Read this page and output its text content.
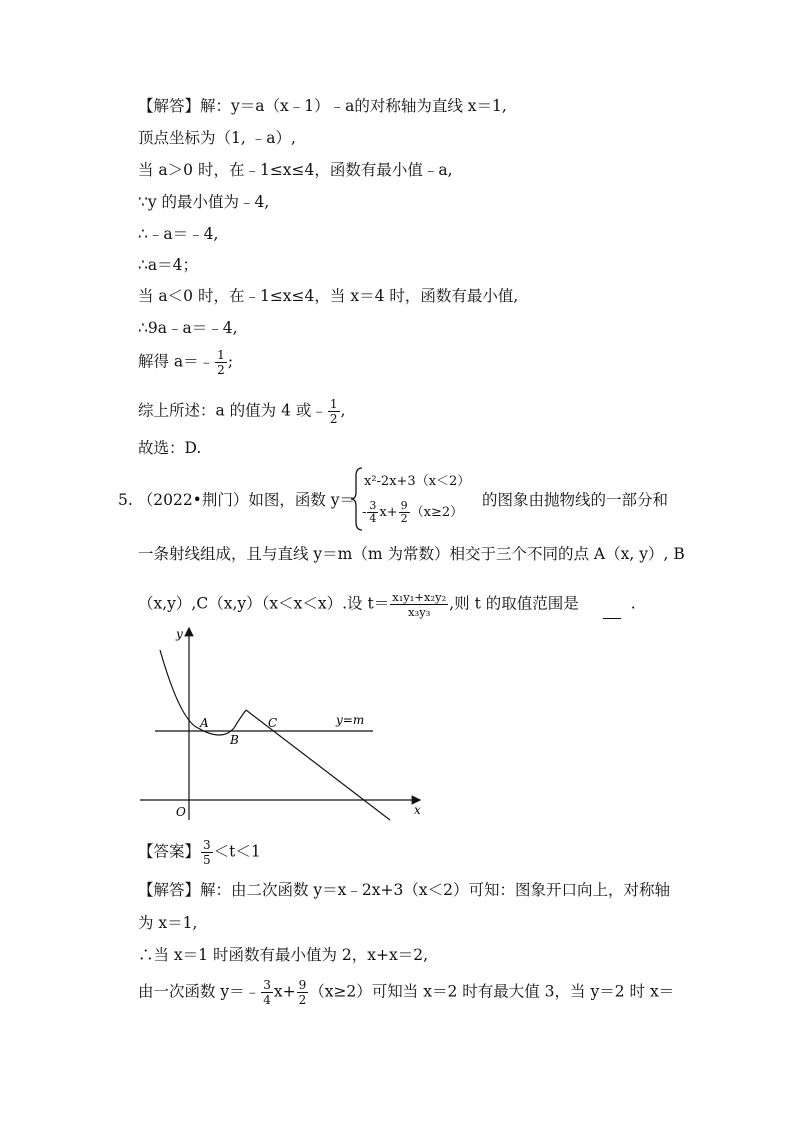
【解答】解：y＝a（x﹣1）﹣a的对称轴为直线 x＝1,
顶点坐标为（1, ﹣a）,
当 a＞0 时，在﹣1≤x≤4，函数有最小值﹣a,
∵y 的最小值为﹣4,
∴﹣a＝﹣4,
∴a＝4；
当 a＜0 时，在﹣1≤x≤4，当 x＝4 时，函数有最小值,
∴9a﹣a＝﹣4,
解得 a＝﹣ $\frac{1}{2}$ ;
综上所述：a 的值为 4 或﹣ $\frac{1}{2}$ ,
故选：D.
5. （2022•荆门）如图，函数 y＝
x²-2x+3（x＜2）
- $\frac{3}{4} x+ \frac{9}{2} (x\ge 2)$
的图象由抛物线的一部分和
一条射线组成，且与直线 y＝m（m 为常数）相交于三个不同的点 A（x, y）, B
（x,y）,C（x,y）（x＜x＜x）.设 $t= \frac{\text{x₁y₁+x₂y₂}}{\text{x₃y₃}}$ ,则 t 的取值范围是	.
y
x
O
y=m
A
B
C
【答案】 $\frac{3}{5} <t<1$
【解答】解：由二次函数 y＝x﹣2x+3（x＜2）可知：图象开口向上，对称轴
为 x＝1,
∴当 x＝1 时函数有最小值为 2，x+x＝2,
由一次函数 y＝﹣ $\frac{3}{4} x+ \frac{9}{2} (x\ge 2)$可知当 x＝2 时有最大值 3，当 y＝2 时 x＝
